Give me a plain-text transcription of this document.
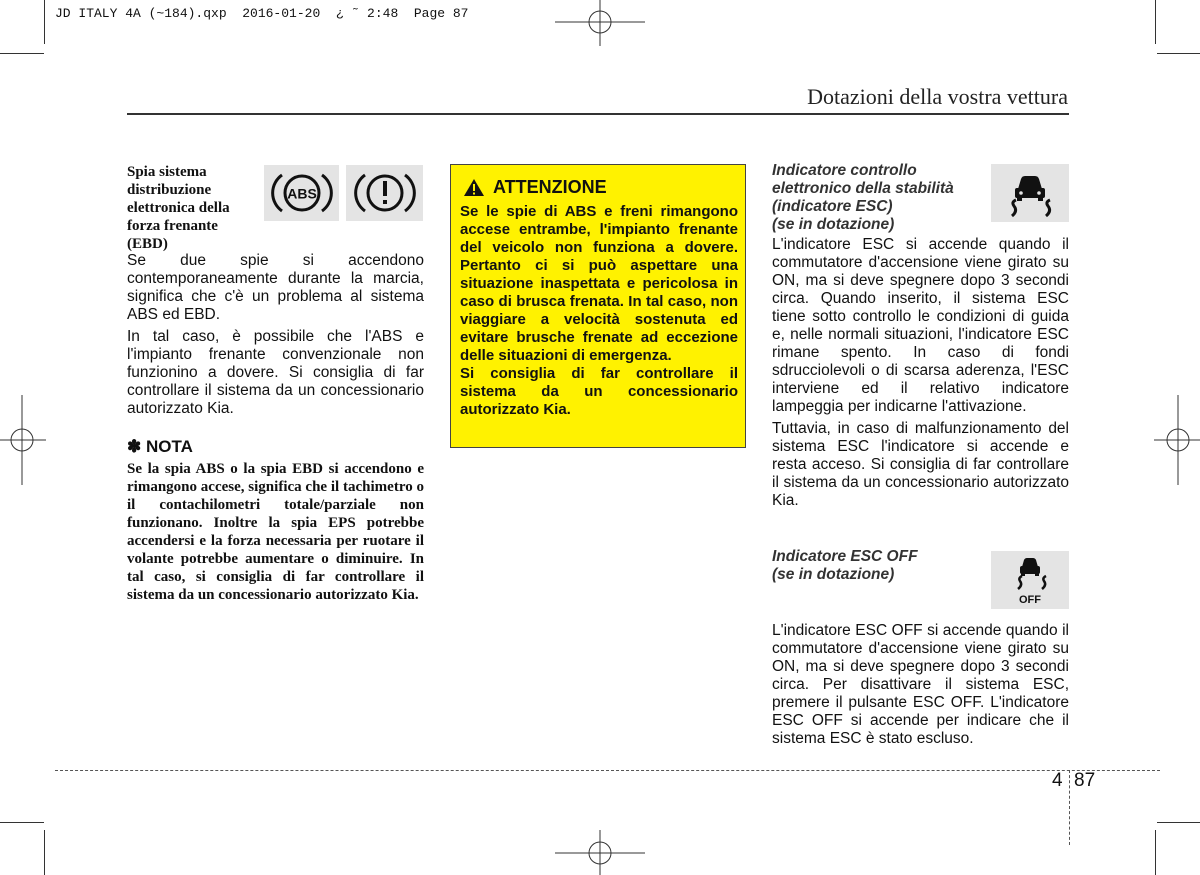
JD ITALY 4A (~184).qxp  2016-01-20  ¿ ˜ 2:48  Page 87
Dotazioni della vostra vettura
Spia sistema
distribuzione
elettronica della
forza frenante
(EBD)
ABS

Se due spie si accendono contemporaneamente durante la marcia, significa che c'è un problema al sistema ABS ed EBD.

In tal caso, è possibile che l'ABS e l'impianto frenante convenzionale non funzionino a dovere. Si consiglia di far controllare il sistema da un concessionario autorizzato Kia.

✽ NOTA
Se la spia ABS o la spia EBD si accendono e rimangono accese, significa che il tachimetro o il contachilometri totale/parziale non funzionano. Inoltre la spia EPS potrebbe accendersi e la forza necessaria per ruotare il volante potrebbe aumentare o diminuire. In tal caso, si consiglia di far controllare il sistema da un concessionario autorizzato Kia.
ATTENZIONE

Se le spie di ABS e freni rimangono accese entrambe, l'impianto frenante del veicolo non funziona a dovere. Pertanto ci si può aspettare una situazione inaspettata e pericolosa in caso di brusca frenata. In tal caso, non viaggiare a velocità sostenuta ed evitare brusche frenate ad eccezione delle situazioni di emergenza.

Si consiglia di far controllare il sistema da un concessionario autorizzato Kia.

Indicatore controllo
elettronico della stabilità
(indicatore ESC)
(se in dotazione)

L'indicatore ESC si accende quando il commutatore d'accensione viene girato su ON, ma si deve spegnere dopo 3 secondi circa. Quando inserito, il sistema ESC tiene sotto controllo le condizioni di guida e, nelle normali situazioni, l'indicatore ESC rimane spento. In caso di fondi sdrucciolevoli o di scarsa aderenza, l'ESC interviene ed il relativo indicatore lampeggia per indicarne l'attivazione.

Tuttavia, in caso di malfunzionamento del sistema ESC l'indicatore si accende e resta acceso. Si consiglia di far controllare il sistema da un concessionario autorizzato Kia.

Indicatore ESC OFF
(se in dotazione)
OFF

L'indicatore ESC OFF si accende quando il commutatore d'accensione viene girato su ON, ma si deve spegnere dopo 3 secondi circa. Per disattivare il sistema ESC, premere il pulsante ESC OFF. L'indicatore ESC OFF si accende per indicare che il sistema ESC è stato escluso.

4 87
